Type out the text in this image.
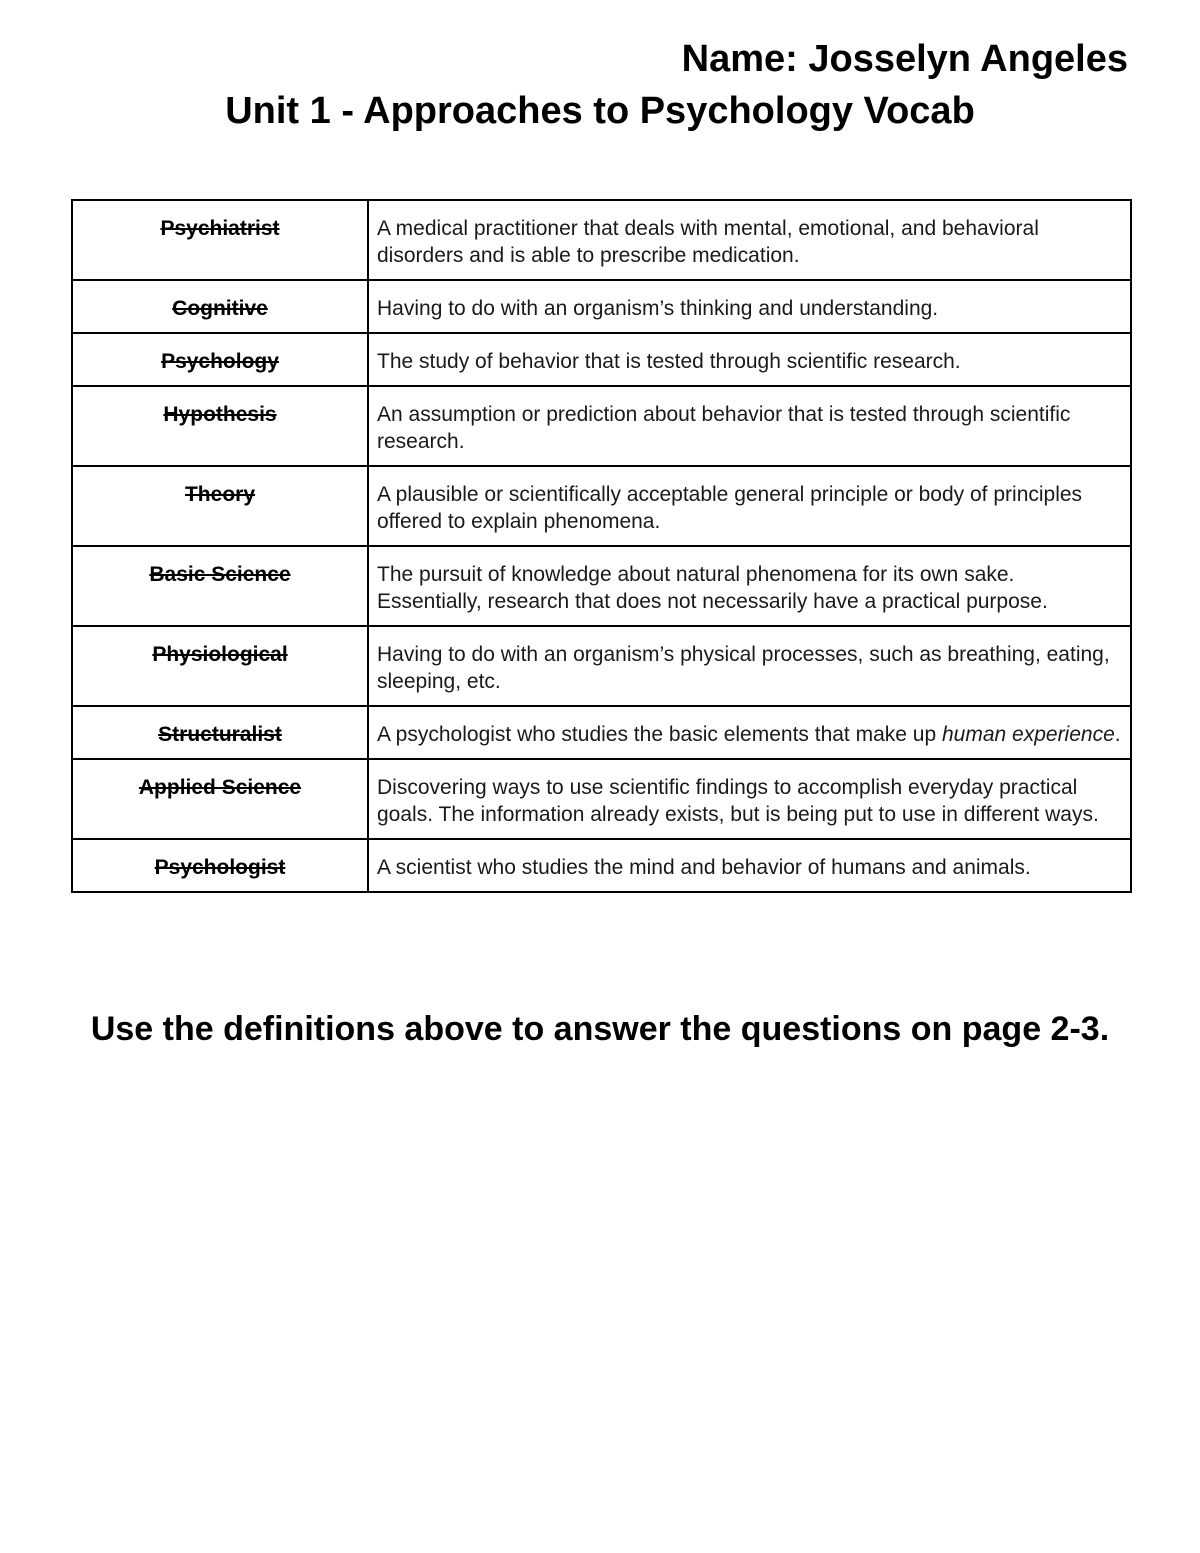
Name: Josselyn Angeles
Unit 1 - Approaches to Psychology Vocab
Psychiatrist	A medical practitioner that deals with mental, emotional, and behavioral disorders and is able to prescribe medication.
Cognitive	Having to do with an organism’s thinking and understanding.
Psychology	The study of behavior that is tested through scientific research.
Hypothesis	An assumption or prediction about behavior that is tested through scientific research.
Theory	A plausible or scientifically acceptable general principle or body of principles offered to explain phenomena.
Basic Science	The pursuit of knowledge about natural phenomena for its own sake. Essentially, research that does not necessarily have a practical purpose.
Physiological	Having to do with an organism’s physical processes, such as breathing, eating, sleeping, etc.
Structuralist	A psychologist who studies the basic elements that make up human experience.
Applied Science	Discovering ways to use scientific findings to accomplish everyday practical goals. The information already exists, but is being put to use in different ways.
Psychologist	A scientist who studies the mind and behavior of humans and animals.
Use the definitions above to answer the questions on page 2-3.
